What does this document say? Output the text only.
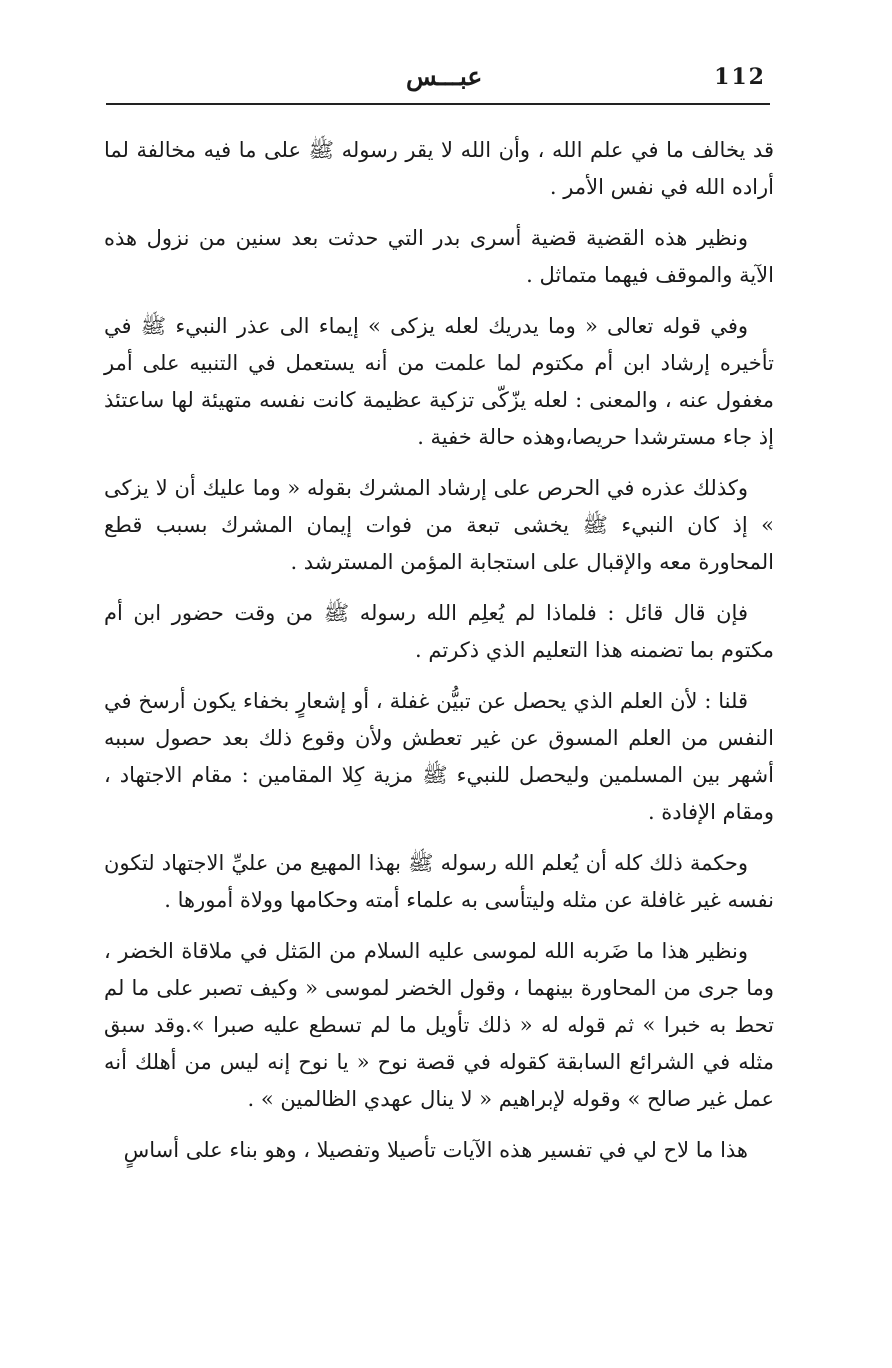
112
عبـــس

قد يخالف ما في علم الله ، وأن الله لا يقر رسوله ﷺ على ما فيه مخالفة لما أراده الله في نفس الأمر .

ونظير هذه القضية قضية أسرى بدر التي حدثت بعد سنين من نزول هذه الآية والموقف فيهما متماثل .

وفي قوله تعالى « وما يدريك لعله يزكى » إيماء الى عذر النبيء ﷺ في تأخيره إرشاد ابن أم مكتوم لما علمت من أنه يستعمل في التنبيه على أمر مغفول عنه ، والمعنى : لعله يزّكّى تزكية عظيمة كانت نفسه متهيئة لها ساعتئذ إذ جاء مسترشدا حريصا،وهذه حالة خفية .

وكذلك عذره في الحرص على إرشاد المشرك بقوله « وما عليك أن لا يزكى » إذ كان النبيء ﷺ يخشى تبعة من فوات إيمان المشرك بسبب قطع المحاورة معه والإقبال على استجابة المؤمن المسترشد .

فإن قال قائل : فلماذا لم يُعلِم الله رسوله ﷺ من وقت حضور ابن أم مكتوم بما تضمنه هذا التعليم الذي ذكرتم .

قلنا : لأن العلم الذي يحصل عن تبيُّن غفلة ، أو إشعارٍ بخفاء يكون أرسخ في النفس من العلم المسوق عن غير تعطش ولأن وقوع ذلك بعد حصول سببه أشهر بين المسلمين وليحصل للنبيء ﷺ مزية كِلا المقامين : مقام الاجتهاد ، ومقام الإفادة .

وحكمة ذلك كله أن يُعلم الله رسوله ﷺ بهذا المهيع من عليِّ الاجتهاد لتكون نفسه غير غافلة عن مثله وليتأسى به علماء أمته وحكامها وولاة أمورها .

ونظير هذا ما ضَربه الله لموسى عليه السلام من المَثل في ملاقاة الخضر ، وما جرى من المحاورة بينهما ، وقول الخضر لموسى « وكيف تصبر على ما لم تحط به خبرا » ثم قوله له « ذلك تأويل ما لم تسطع عليه صبرا ».وقد سبق مثله في الشرائع السابقة كقوله في قصة نوح « يا نوح إنه ليس من أهلك أنه عمل غير صالح » وقوله لإبراهيم « لا ينال عهدي الظالمين » .

هذا ما لاح لي في تفسير هذه الآيات تأصيلا وتفصيلا ، وهو بناء على أساسٍ
